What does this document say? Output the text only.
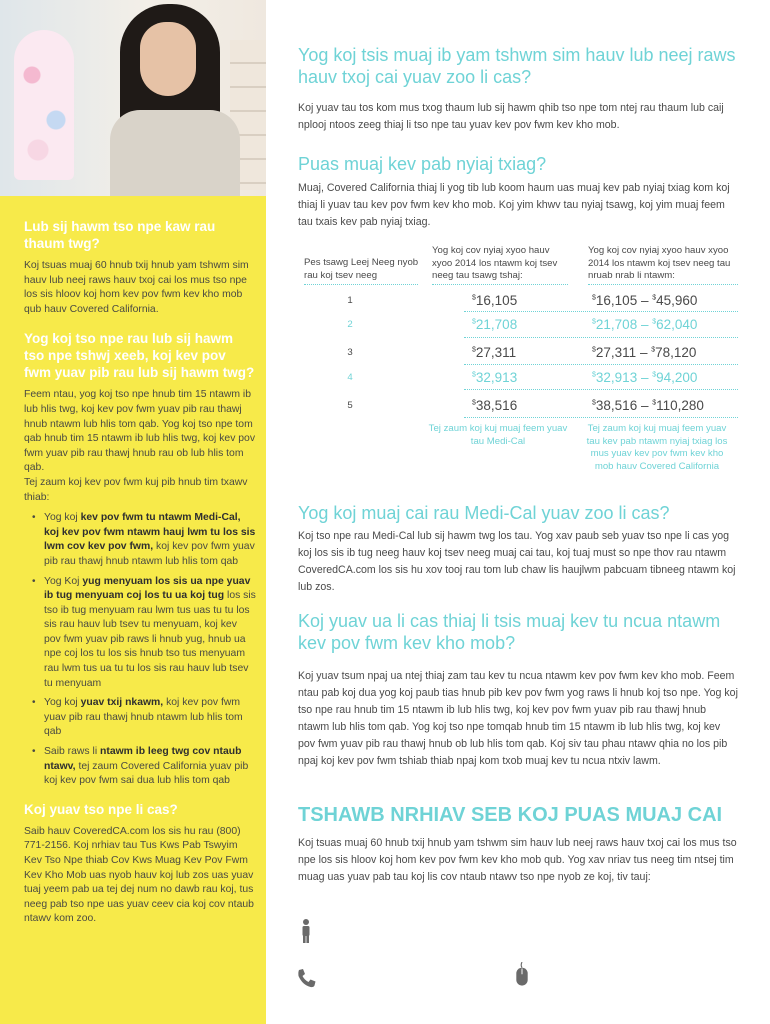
Lub sij hawm tso npe kaw rau thaum twg?

Koj tsuas muaj 60 hnub txij hnub yam tshwm sim hauv lub neej raws hauv txoj cai los mus tso npe los sis hloov koj hom kev pov fwm kev kho mob qub hauv Covered California.

Yog koj tso npe rau lub sij hawm tso npe tshwj xeeb, koj kev pov fwm yuav pib rau lub sij hawm twg?

Feem ntau, yog koj tso npe hnub tim 15 ntawm ib lub hlis twg, koj kev pov fwm yuav pib rau thawj hnub ntawm lub hlis tom qab. Yog koj tso npe tom qab hnub tim 15 ntawm ib lub hlis twg, koj kev pov fwm yuav pib rau thawj hnub rau ob lub hlis tom qab.

Tej zaum koj kev pov fwm kuj pib hnub tim txawv thiab:

• Yog koj kev pov fwm tu ntawm Medi-Cal, koj kev pov fwm ntawm hauj lwm tu los sis lwm cov kev pov fwm, koj kev pov fwm yuav pib rau thawj hnub ntawm lub hlis tom qab
• Yog Koj yug menyuam los sis ua npe yuav ib tug menyuam coj los tu ua koj tug los sis tso ib tug menyuam rau lwm tus uas tu tu los sis rau hauv lub tsev tu menyuam, koj kev pov fwm yuav pib raws li hnub yug, hnub ua npe coj los tu los sis hnub tso tus menyuam rau lwm tus ua tu tu los sis rau hauv lub tsev tu menyuam
• Yog koj yuav txij nkawm, koj kev pov fwm yuav pib rau thawj hnub ntawm lub hlis tom qab
• Saib raws li ntawm ib leeg twg cov ntaub ntawv, tej zaum Covered California yuav pib koj kev pov fwm sai dua lub hlis tom qab

Koj yuav tso npe li cas?

Saib hauv CoveredCA.com los sis hu rau (800) 771-2156. Koj nrhiav tau Tus Kws Pab Tswyim Kev Tso Npe thiab Cov Kws Muag Kev Pov Fwm Kev Kho Mob uas nyob hauv koj lub zos uas yuav tuaj yeem pab ua tej dej num no dawb rau koj, tus neeg pab tso npe uas yuav ceev cia koj cov ntaub ntawv kom zoo.

Yog koj tsis muaj ib yam tshwm sim hauv lub neej raws hauv txoj cai yuav zoo li cas?

Koj yuav tau tos kom mus txog thaum lub sij hawm qhib tso npe tom ntej rau thaum lub caij nplooj ntoos zeeg thiaj li tso npe tau yuav kev pov fwm kev kho mob.

Puas muaj kev pab nyiaj txiag?

Muaj, Covered California thiaj li yog tib lub koom haum uas muaj kev pab nyiaj txiag kom koj thiaj li yuav tau kev pov fwm kev kho mob. Koj yim khwv tau nyiaj tsawg, koj yim muaj feem tau txais kev pab nyiaj txiag.

Pes tsawg Leej Neeg nyob rau koj tsev neeg
Yog koj cov nyiaj xyoo hauv xyoo 2014 los ntawm koj tsev neeg tau tsawg tshaj:
Yog koj cov nyiaj xyoo hauv xyoo 2014 los ntawm koj tsev neeg tau nruab nrab li ntawm:
1	$16,105	$16,105 – $45,960
2	$21,708	$21,708 – $62,040
3	$27,311	$27,311 – $78,120
4	$32,913	$32,913 – $94,200
5	$38,516	$38,516 – $110,280
Tej zaum koj kuj muaj feem yuav tau Medi-Cal
Tej zaum koj kuj muaj feem yuav tau kev pab ntawm nyiaj txiag los mus yuav kev pov fwm kev kho mob hauv Covered California
Yog koj muaj cai rau Medi-Cal yuav zoo li cas?

Koj tso npe rau Medi-Cal lub sij hawm twg los tau. Yog xav paub seb yuav tso npe li cas yog koj los sis ib tug neeg hauv koj tsev neeg muaj cai tau, koj tuaj must so npe thov rau ntawm CoveredCA.com los sis hu xov tooj rau tom lub chaw lis haujlwm pabcuam tibneeg ntawm koj lub zos.

Koj yuav ua li cas thiaj li tsis muaj kev tu ncua ntawm kev pov fwm kev kho mob?

Koj yuav tsum npaj ua ntej thiaj zam tau kev tu ncua ntawm kev pov fwm kev kho mob. Feem ntau pab koj dua yog koj paub tias hnub pib kev pov fwm yog raws li hnub koj tso npe. Yog koj tso npe rau hnub tim 15 ntawm ib lub hlis twg, koj kev pov fwm yuav pib rau thawj hnub ntawm lub hlis tom qab. Yog koj tso npe tomqab hnub tim 15 ntawm ib lub hlis twg, koj kev pov fwm yuav pib rau thawj hnub ob lub hlis tom qab. Koj siv tau phau ntawv qhia no los pib npaj koj kev pov fwm tshiab thiab npaj kom txob muaj kev tu ncua ntxiv lawm.

TSHAWB NRHIAV SEB KOJ PUAS MUAJ CAI

Koj tsuas muaj 60 hnub txij hnub yam tshwm sim hauv lub neej raws hauv txoj cai los mus tso npe los sis hloov koj hom kev pov fwm kev kho mob qub. Yog xav nriav tus neeg tim ntsej tim muag uas yuav pab tau koj lis cov ntaub ntawv tso npe nyob ze koj, tiv tauj:
